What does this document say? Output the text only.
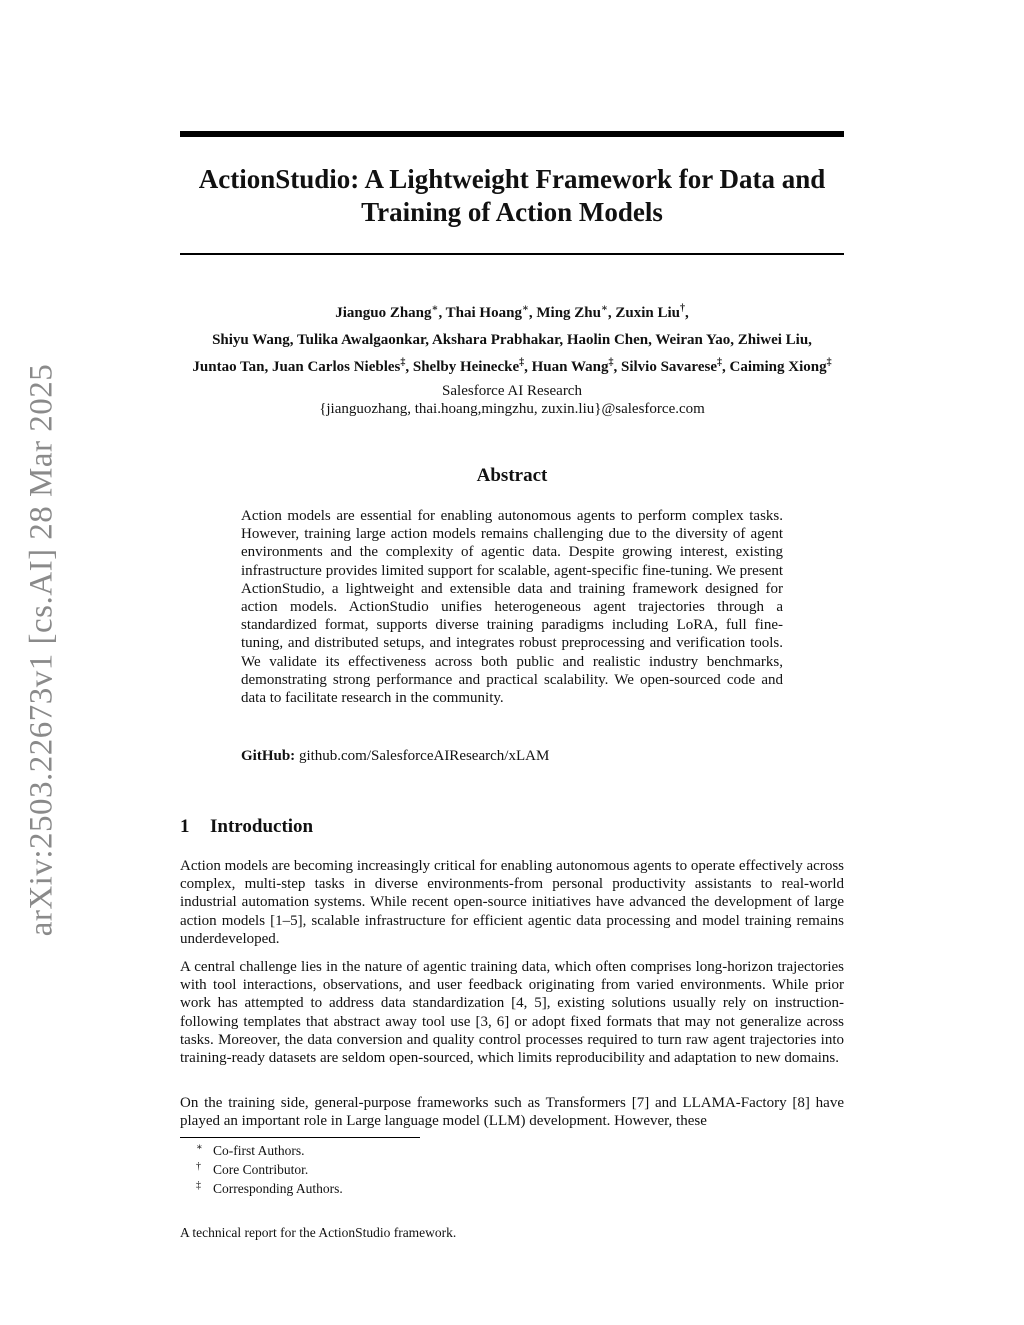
arXiv:2503.22673v1 [cs.AI] 28 Mar 2025
ActionStudio: A Lightweight Framework for Data and Training of Action Models
Jianguo Zhang∗, Thai Hoang∗, Ming Zhu∗, Zuxin Liu†,
Shiyu Wang, Tulika Awalgaonkar, Akshara Prabhakar, Haolin Chen, Weiran Yao, Zhiwei Liu,
Juntao Tan, Juan Carlos Niebles‡, Shelby Heinecke‡, Huan Wang‡, Silvio Savarese‡, Caiming Xiong‡
Salesforce AI Research
{jianguozhang, thai.hoang,mingzhu, zuxin.liu}@salesforce.com
Abstract

Action models are essential for enabling autonomous agents to perform complex tasks. However, training large action models remains challenging due to the diversity of agent environments and the complexity of agentic data. Despite growing interest, existing infrastructure provides limited support for scalable, agent-specific fine-tuning. We present ActionStudio, a lightweight and extensible data and training framework designed for action models. ActionStudio unifies heterogeneous agent trajectories through a standardized format, supports diverse training paradigms including LoRA, full fine-tuning, and distributed setups, and integrates robust preprocessing and verification tools. We validate its effectiveness across both public and realistic industry benchmarks, demonstrating strong performance and practical scalability. We open-sourced code and data to facilitate research in the community.

GitHub: github.com/SalesforceAIResearch/xLAM
1 Introduction

Action models are becoming increasingly critical for enabling autonomous agents to operate effectively across complex, multi-step tasks in diverse environments-from personal productivity assistants to real-world industrial automation systems. While recent open-source initiatives have advanced the development of large action models [1–5], scalable infrastructure for efficient agentic data processing and model training remains underdeveloped.

A central challenge lies in the nature of agentic training data, which often comprises long-horizon trajectories with tool interactions, observations, and user feedback originating from varied environments. While prior work has attempted to address data standardization [4, 5], existing solutions usually rely on instruction-following templates that abstract away tool use [3, 6] or adopt fixed formats that may not generalize across tasks. Moreover, the data conversion and quality control processes required to turn raw agent trajectories into training-ready datasets are seldom open-sourced, which limits reproducibility and adaptation to new domains.

On the training side, general-purpose frameworks such as Transformers [7] and LLAMA-Factory [8] have played an important role in Large language model (LLM) development. However, these

∗ Co-first Authors.
† Core Contributor.
‡ Corresponding Authors.
A technical report for the ActionStudio framework.
